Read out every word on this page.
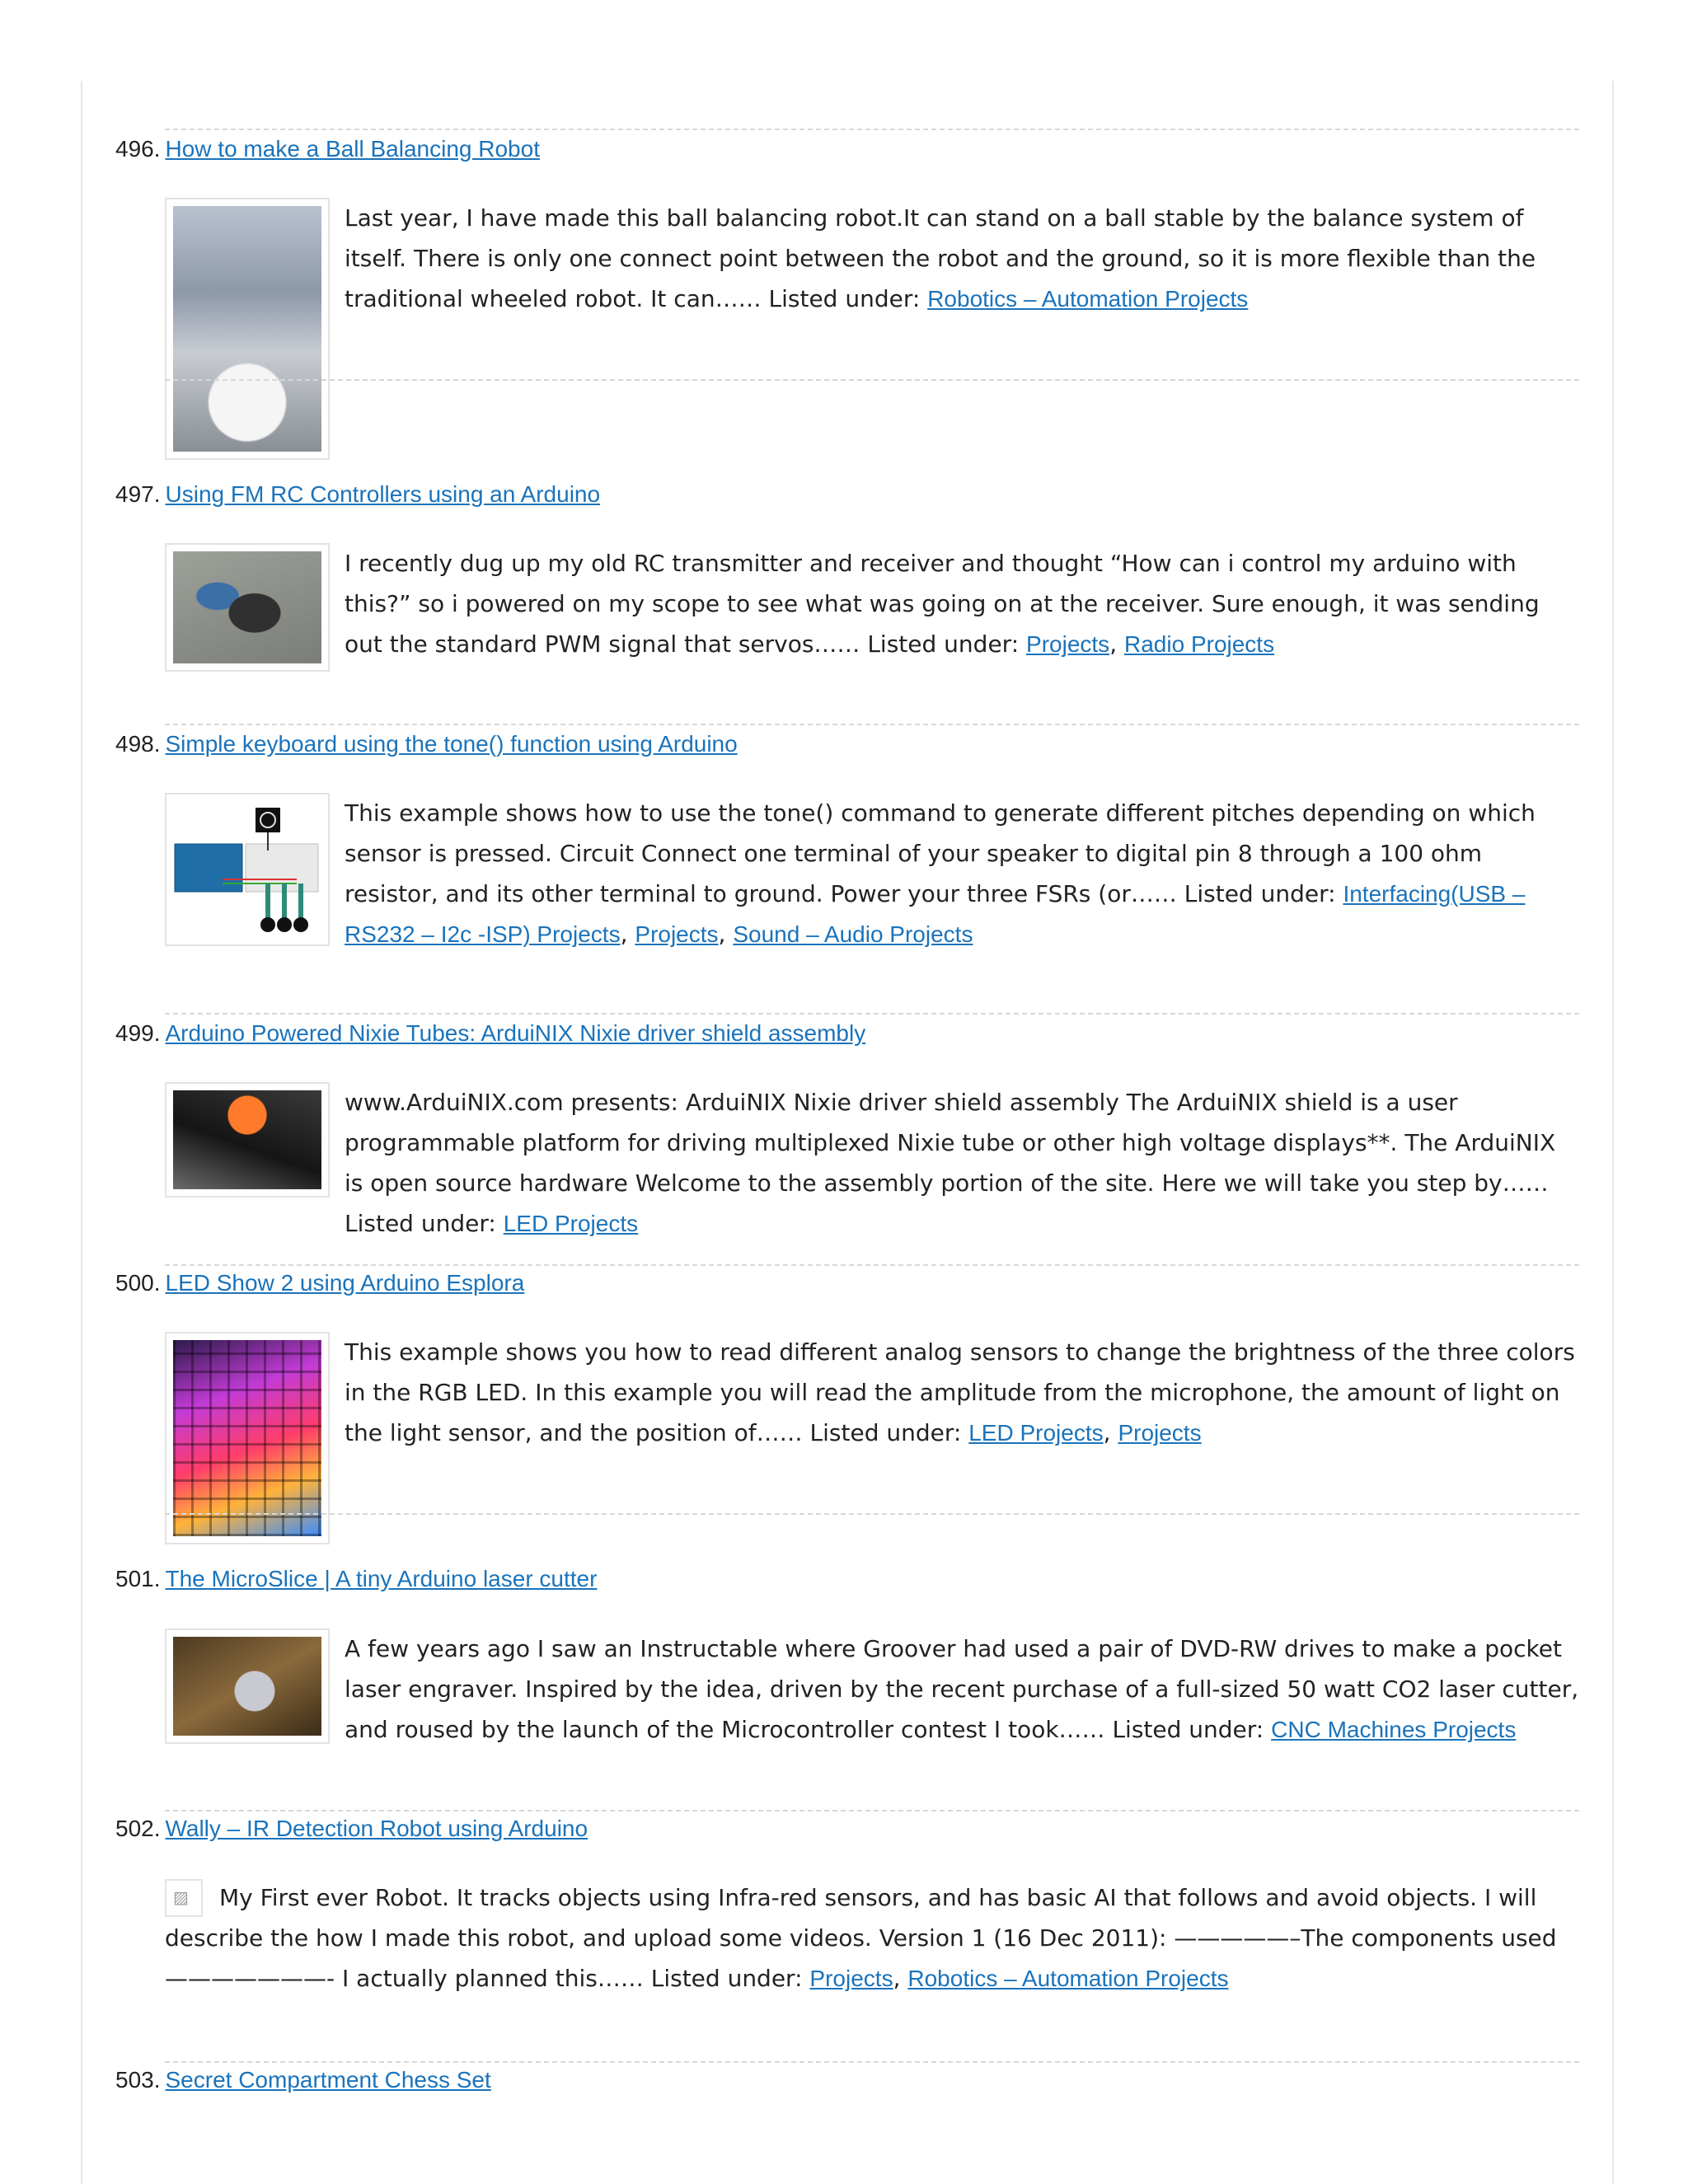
496. How to make a Ball Balancing Robot
Last year, I have made this ball balancing robot.It can stand on a ball stable by the balance system of itself. There is only one connect point between the robot and the ground, so it is more flexible than the traditional wheeled robot. It can…… Listed under: Robotics – Automation Projects
497. Using FM RC Controllers using an Arduino
I recently dug up my old RC transmitter and receiver and thought “How can i control my arduino with this?” so i powered on my scope to see what was going on at the receiver. Sure enough, it was sending out the standard PWM signal that servos…… Listed under: Projects, Radio Projects
498. Simple keyboard using the tone() function using Arduino
This example shows how to use the tone() command to generate different pitches depending on which sensor is pressed. Circuit Connect one terminal of your speaker to digital pin 8 through a 100 ohm resistor, and its other terminal to ground. Power your three FSRs (or…… Listed under: Interfacing(USB – RS232 – I2c -ISP) Projects, Projects, Sound – Audio Projects
499. Arduino Powered Nixie Tubes: ArduiNIX Nixie driver shield assembly
www.ArduiNIX.com presents: ArduiNIX Nixie driver shield assembly The ArduiNIX shield is a user programmable platform for driving multiplexed Nixie tube or other high voltage displays**. The ArduiNIX is open source hardware Welcome to the assembly portion of the site. Here we will take you step by…… Listed under: LED Projects
500. LED Show 2 using Arduino Esplora
This example shows you how to read different analog sensors to change the brightness of the three colors in the RGB LED. In this example you will read the amplitude from the microphone, the amount of light on the light sensor, and the position of…… Listed under: LED Projects, Projects
501. The MicroSlice | A tiny Arduino laser cutter
A few years ago I saw an Instructable where Groover had used a pair of DVD-RW drives to make a pocket laser engraver. Inspired by the idea, driven by the recent purchase of a full-sized 50 watt CO2 laser cutter, and roused by the launch of the Microcontroller contest I took…… Listed under: CNC Machines Projects
502. Wally – IR Detection Robot using Arduino
▨	My First ever Robot. It tracks objects using Infra-red sensors, and has basic AI that follows and avoid objects. I will describe the how I made this robot, and upload some videos. Version 1 (16 Dec 2011): —————–The components used ———————- I actually planned this…… Listed under: Projects, Robotics – Automation Projects
503. Secret Compartment Chess Set
